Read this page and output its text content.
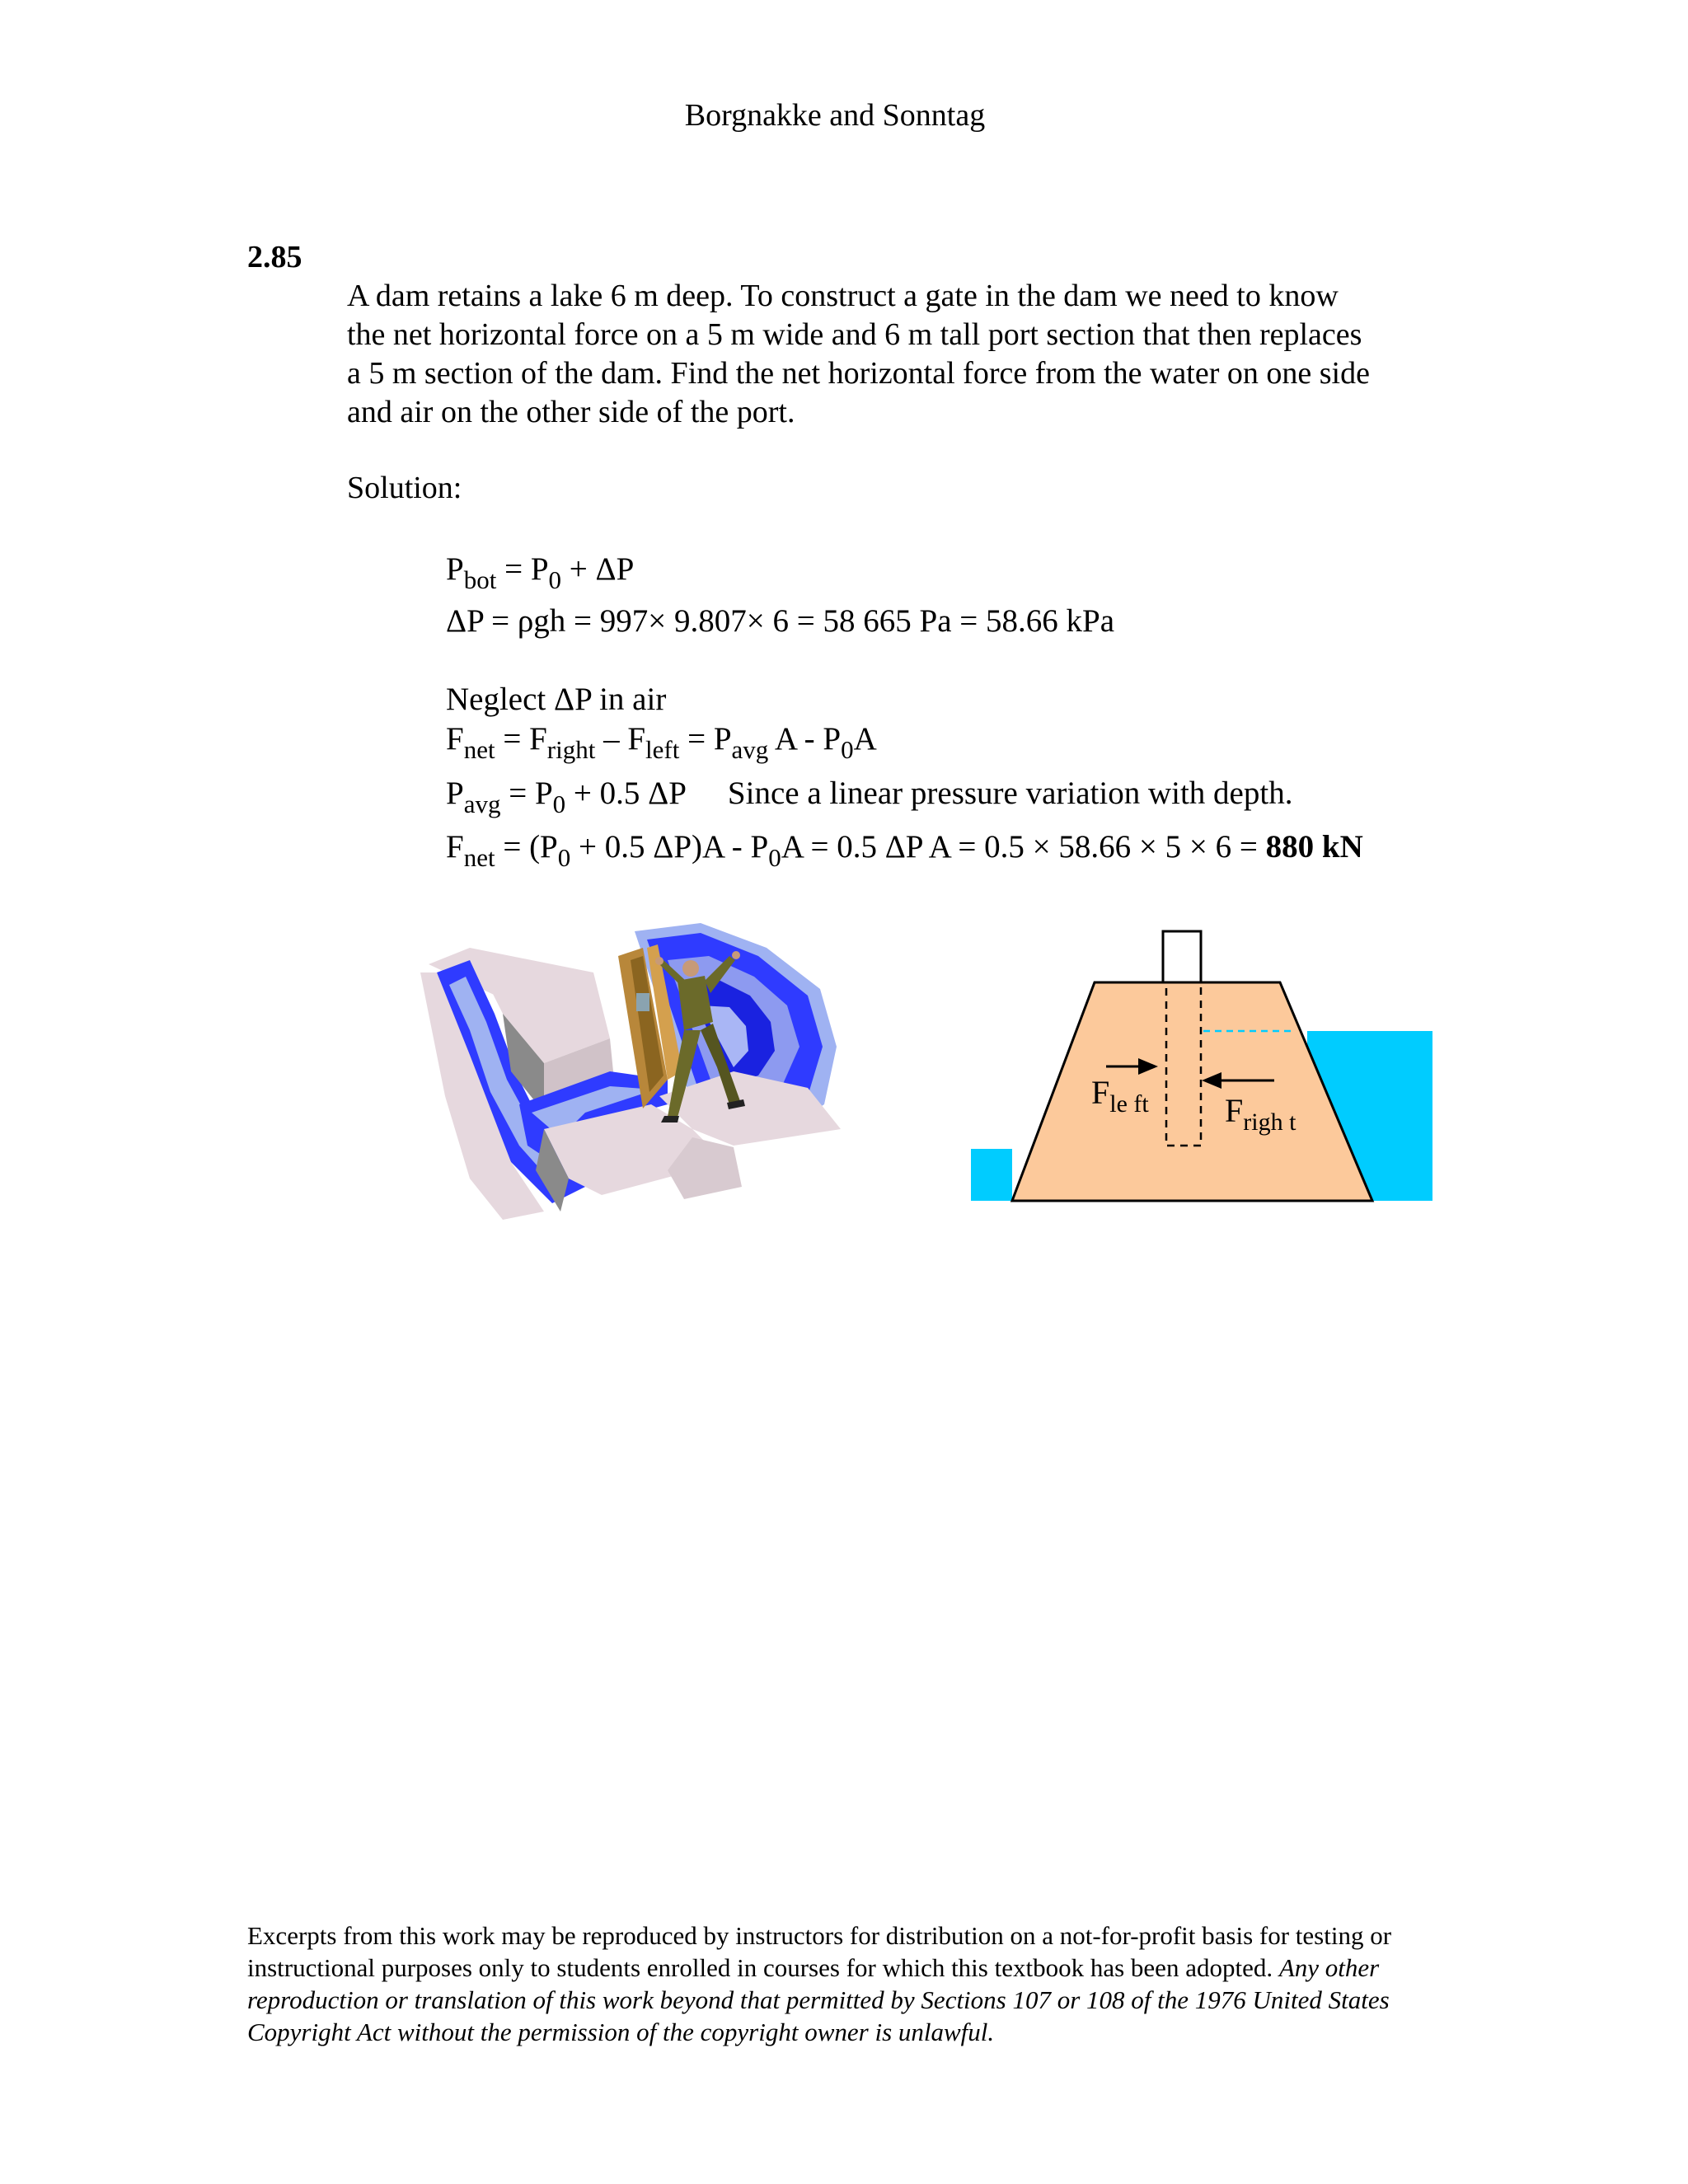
Borgnakke and Sonntag
2.85

A dam retains a lake 6 m deep. To construct a gate in the dam we need to know

the net horizontal force on a 5 m wide and 6 m tall port section that then replaces

a 5 m section of the dam. Find the net horizontal force from the water on one side

and air on the other side of the port.

Solution:
$P_{bot} = P_0 + \Delta P$
ΔP = ρgh = 997× 9.807× 6 = 58 665 Pa = 58.66 kPa
Neglect ΔP in air
$F_{net} = F_{right} - F_{left} = P_{avg}$ A - $P_0A$
$P_{avg} = P_0 + 0.5$ ΔP Since a linear pressure variation with depth.
$F_{net} = (P_0 + 0.5$ $\Delta P)A - P_0A = 0.5$ ΔP A = 0.5 × 58.66 × 5 × 6 = 880 kN
$F_{le ft}$ $F_{righ t}$
Excerpts from this work may be reproduced by instructors for distribution on a not-for-profit basis for testing or instructional purposes only to students enrolled in courses for which this textbook has been adopted. Any other reproduction or translation of this work beyond that permitted by Sections 107 or 108 of the 1976 United States Copyright Act without the permission of the copyright owner is unlawful.
